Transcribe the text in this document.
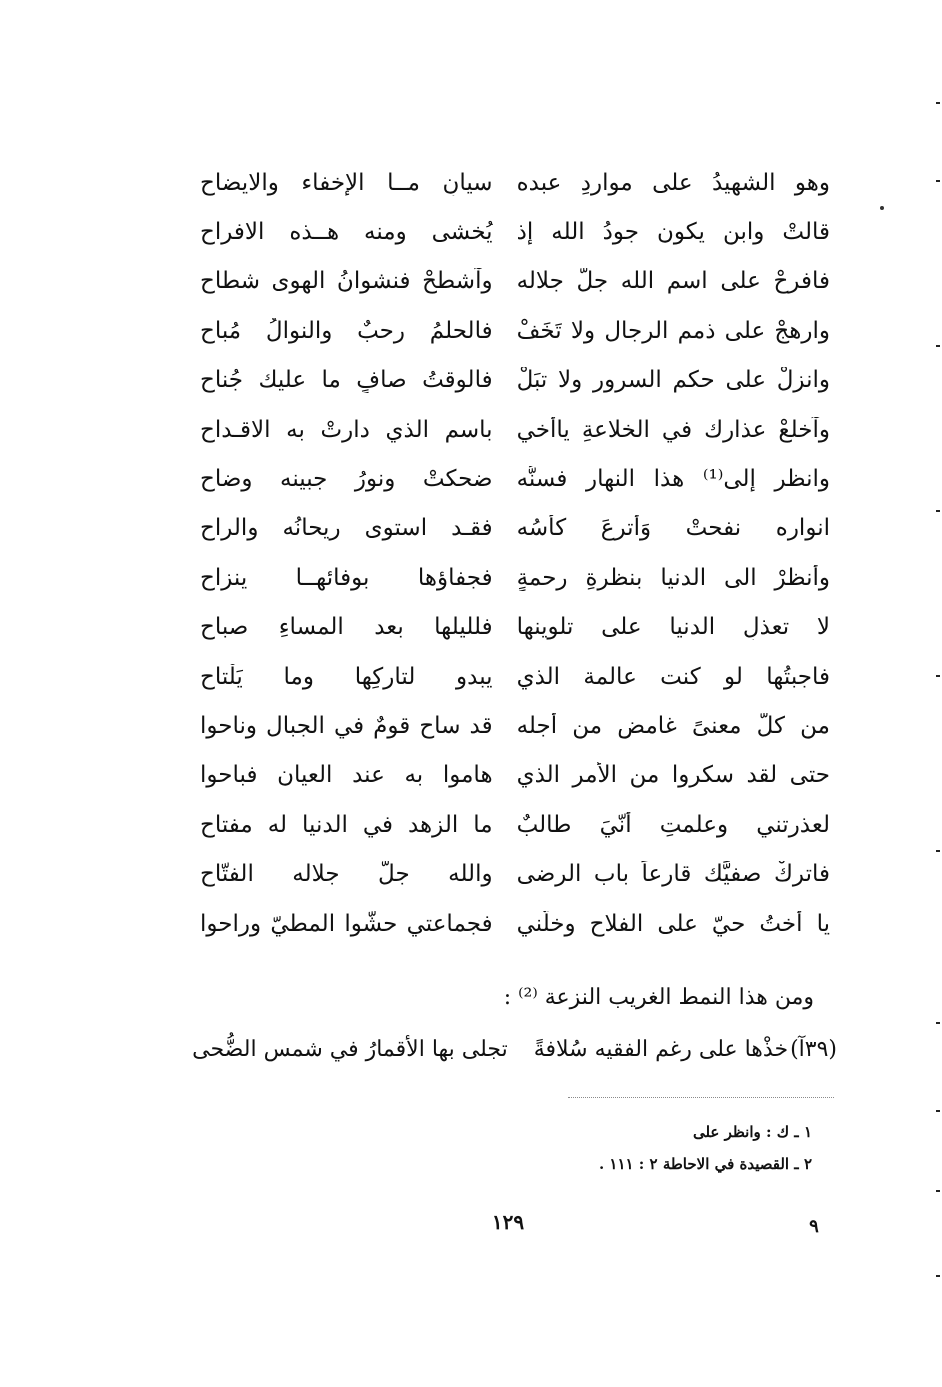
سيانِ مــا الإخفاء والايضاح وهو الشهيدُ على مواردِ عبده
يُخشى ومنه هــذه الافراح قالتْ وابن يكون جودُ الله إذ
وآشطحْ فنشوانُ الهوى شطاح فافرحْ على اسم الله جلّ جلاله
فالحلمُ رحبٌ والنوالُ مُباح وارهجْ على ذممِ الرجال ولا تَخَفْ
فالوقتُ صافٍ ما عليك جُناح وانزلْ على حكمِ السرورِ ولا تبَلْ
باسمِ الذي دارتْ به الاقـداح وآخلعْ عذارك في الخلاعةِ ياأخي
ضحكتْ ونورُ جبينه وضاح وانظر إلى⁽¹⁾ هذا النهار فسنُّه
فقـد استوى ريحانُه والراح انواره نفحتْ وَأُترِعَ كأسُه
فجفاؤها بوفائهــا ينزاح وأنظرْ الى الدنيا بنظرةِ رحمةٍ
فلليلها بعد المساءِ صباح لا تعذلِ الدنيا على تلوينها
يبدو لتاركِها وما يَلْتاح فاجبتُها لو كنت عالمة الذي
قد ساح قومٌ في الجبال وناحوا من كلّ معنىً غامضٍ من أجله
هاموا به عند العيان فباحوا حتى لقد سكروا من الأمر الذي
ما الزهد في الدنيا له مفتاح لعذرتني وعلمتِ أنّيَ طالبٌ
والله جلّ جلاله الفتّاح فاتركْ صفيَّك قارعاً باب الرضى
فجماعتي حشّوا المطيّ وراحوا يا أختُ حيّ على الفلاح وخلّني
ومن هذا النمط الغريب النزعة ⁽²⁾ :
(٣٩آ)
خذْها على رغم الفقيه سُلافةً
تجلى بها الأقمارُ في شمس الضُّحى
١ ـ ك : وانظر على
٢ ـ القصيدة في الاحاطة ٢ : ١١١ .
١٢٩	٩
